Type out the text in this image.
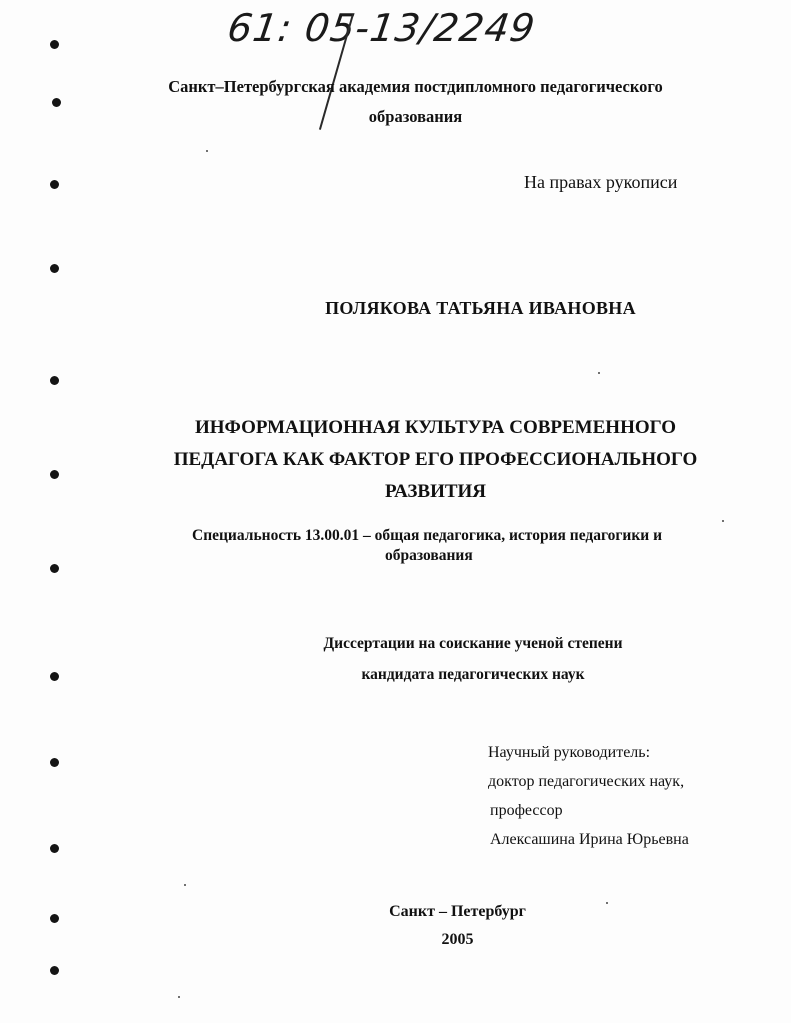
61: 05-13/2249
Санкт–Петербургская академия постдипломного педагогического
образования
На правах рукописи
ПОЛЯКОВА ТАТЬЯНА ИВАНОВНА
ИНФОРМАЦИОННАЯ КУЛЬТУРА СОВРЕМЕННОГО
ПЕДАГОГА КАК ФАКТОР ЕГО ПРОФЕССИОНАЛЬНОГО
РАЗВИТИЯ
Специальность 13.00.01 – общая педагогика, история педагогики и
образования
Диссертации на соискание ученой степени
кандидата педагогических наук
Научный руководитель:
доктор педагогических наук,
профессор
Алексашина Ирина Юрьевна
Санкт – Петербург
2005
